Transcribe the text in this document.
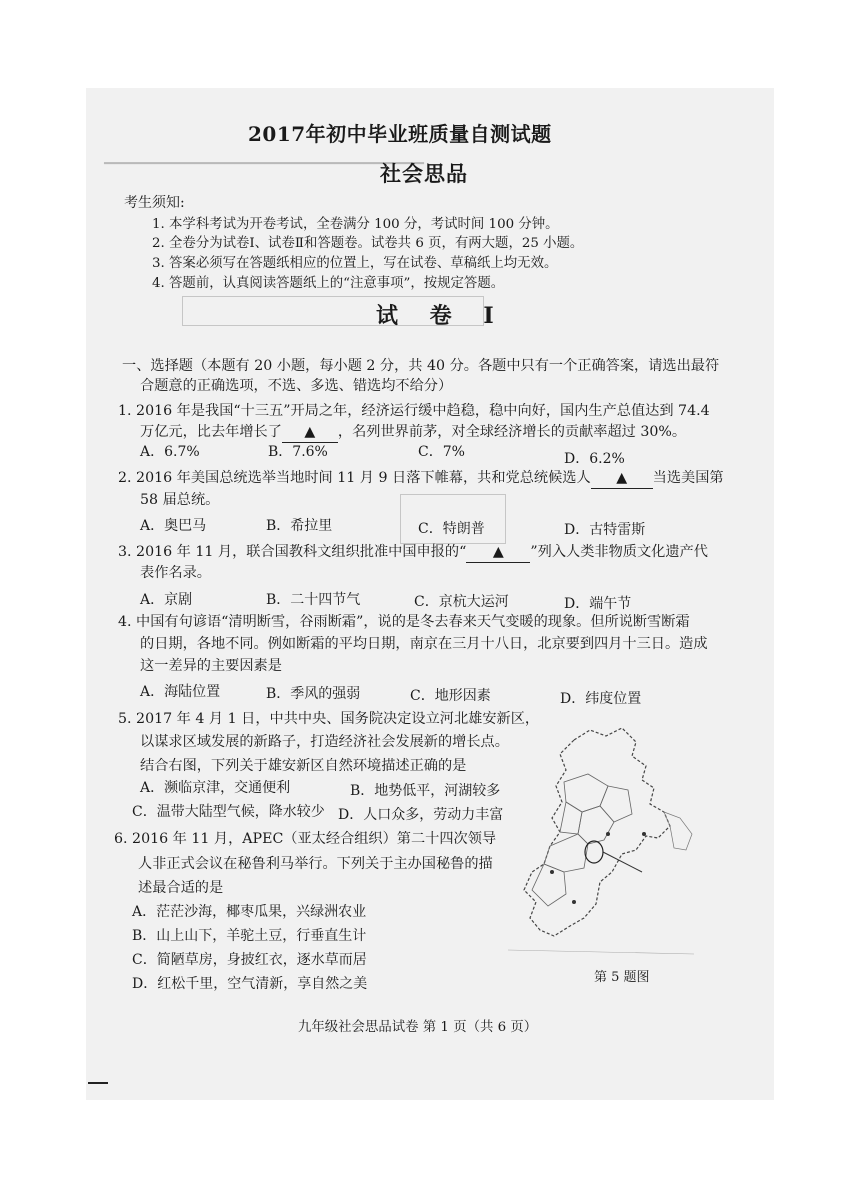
▁▁▁▁▁▁▁▁▁▁▁▁▁▁▁▁▁▁▁▁▁▁▁▁▁▁▁▁▁▁▁▁
2017年初中毕业班质量自测试题
社会思品
考生须知:
1. 本学科考试为开卷考试，全卷满分 100 分，考试时间 100 分钟。
2. 全卷分为试卷Ⅰ、试卷Ⅱ和答题卷。试卷共 6 页，有两大题，25 小题。
3. 答案必须写在答题纸相应的位置上，写在试卷、草稿纸上均无效。
4. 答题前，认真阅读答题纸上的“注意事项”，按规定答题。
试 卷 Ⅰ
一、选择题（本题有 20 小题，每小题 2 分，共 40 分。各题中只有一个正确答案，请选出最符
合题意的正确选项，不选、多选、错选均不给分）
1. 2016 年是我国“十三五”开局之年，经济运行缓中趋稳，稳中向好，国内生产总值达到 74.4
万亿元，比去年增长了 ▲ ，名列世界前茅，对全球经济增长的贡献率超过 30%。
A．6.7%	B．7.6%	C．7%	D．6.2%
2. 2016 年美国总统选举当地时间 11 月 9 日落下帷幕，共和党总统候选人 ▲ 当选美国第
58 届总统。
A．奥巴马	B．希拉里	C．特朗普	D．古特雷斯
3. 2016 年 11 月，联合国教科文组织批准中国申报的“ ▲ ”列入人类非物质文化遗产代
表作名录。
A．京剧	B．二十四节气	C．京杭大运河	D．端午节
4. 中国有句谚语“清明断雪，谷雨断霜”，说的是冬去春来天气变暖的现象。但所说断雪断霜
的日期，各地不同。例如断霜的平均日期，南京在三月十八日，北京要到四月十三日。造成
这一差异的主要因素是
A．海陆位置	B．季风的强弱	C．地形因素	D．纬度位置
5. 2017 年 4 月 1 日，中共中央、国务院决定设立河北雄安新区，
以谋求区域发展的新路子，打造经济社会发展新的增长点。
结合右图，下列关于雄安新区自然环境描述正确的是
A．濒临京津，交通便利	B．地势低平，河湖较多
C．温带大陆型气候，降水较少 D．人口众多，劳动力丰富
6. 2016 年 11 月，APEC（亚太经合组织）第二十四次领导
人非正式会议在秘鲁利马举行。下列关于主办国秘鲁的描
述最合适的是
A．茫茫沙海，椰枣瓜果，兴绿洲农业
B．山上山下，羊驼土豆，行垂直生计
C．简陋草房，身披红衣，逐水草而居
D．红松千里，空气清新，享自然之美	第 5 题图
九年级社会思品试卷 第 1 页（共 6 页）
